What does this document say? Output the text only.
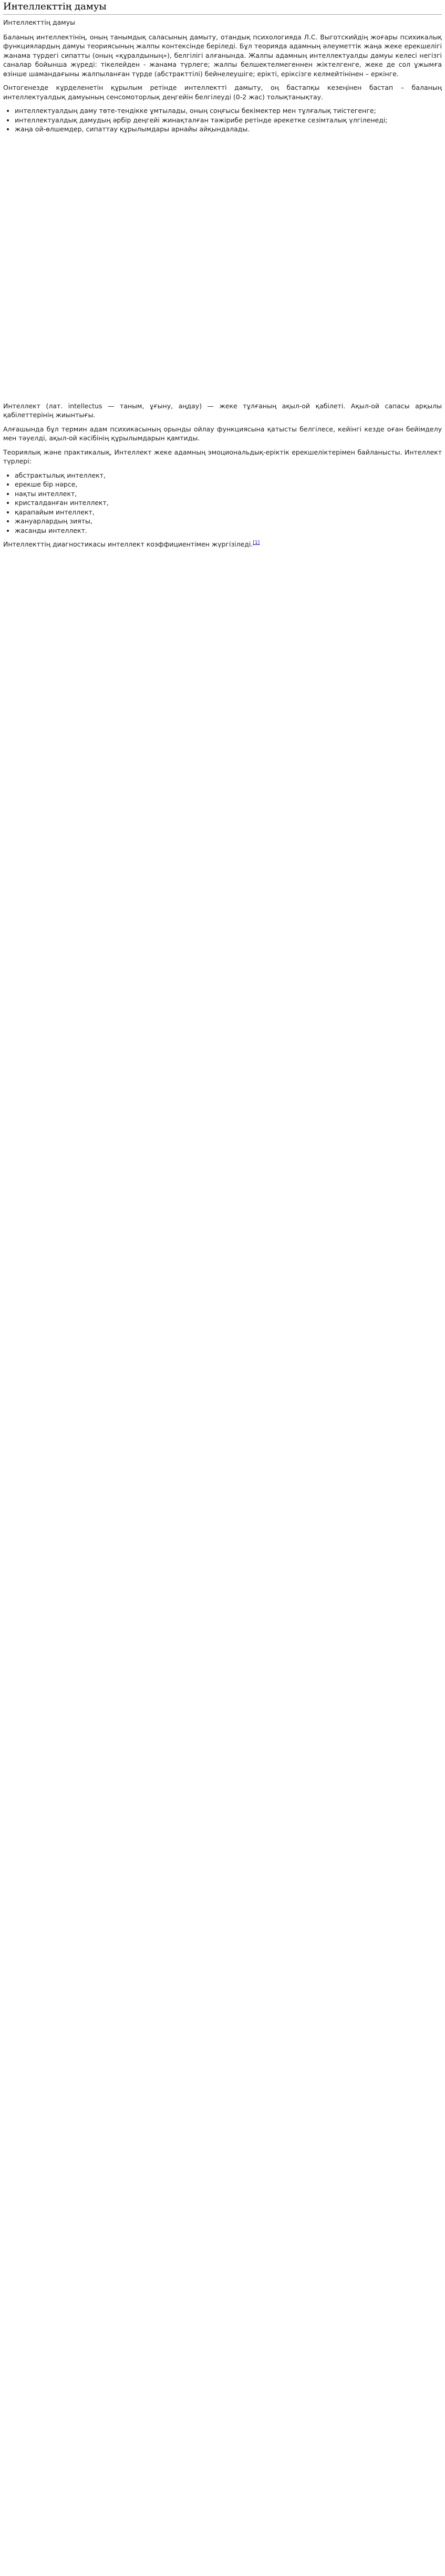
Интеллекттің дамуы
Интеллекттің дамуы

Баланың интеллектінің, оның танымдық саласының дамыту, отандық психологияда Л.С. Выготскийдің жоғары психикалық функциялардың дамуы теориясының жалпы контексінде беріледі. Бұл теорияда адамның әлеуметтік жаңа жеке ерекшелігі жанама түрдегі сипатты (оның «құралдының»), белгілігі алғанында. Жалпы адамның интеллектуалды дамуы келесі негізгі саналар бойынша жүреді: тікелейден - жанама түрлеге; жалпы белшектелмегеннен жіктелгенге, жеке де сол ұжымға өзінше шамандағыны жалпыланған түрде (абстракттілі) бейнелеушіге; ерікті, еріксізге келмейтінінен – еркінге.

Онтогенезде кұрделенетін құрылым ретінде интеллектті дамыту, оң бастапқы кезеңінен бастап – баланың интеллектуалдық дамуының сенсомоторлық деңгейін белгілеуді (0-2 жас) толықтанықтау.

• интеллектуалдың даму төте-тендікке ұмтылады, оның соңғысы бекімектер мен тұлғалық тиістегенге;
• интеллектуалдық дамудың әрбір деңгейі жинақталған тәжірибе ретінде әрекетке сезімталық үлгіленеді;
• жаңа ой-өлшемдер, сипаттау құрылымдары арнайы айқындалады.

Интеллект (лат. intellectus — таным, ұғыну, аңдау) — жеке тұлғаның ақыл-ой қабілеті. Ақыл-ой сапасы арқылы қабілеттерінің жиынтығы.

Алғашында бұл термин адам психикасының орынды ойлау функциясына қатысты белгілесе, кейінгі кезде оған бейімделу мен тәуелді, ақыл-ой кәсібінің құрылымдарын қамтиды.

Теориялық және практикалық, Интеллект жеке адамның эмоциональдық-еріктік ерекшеліктерімен байланысты. Интеллект түрлері:

• абстрактылық интеллект,
• ерекше бір нәрсе,
• нақты интеллект,
• кристалданған интеллект,
• қарапайым интеллект,
• жануарлардың зияты,
• жасанды интеллект.

Интеллекттің диагностикасы интеллект коэффициентімен жүргізіледі.[1]
